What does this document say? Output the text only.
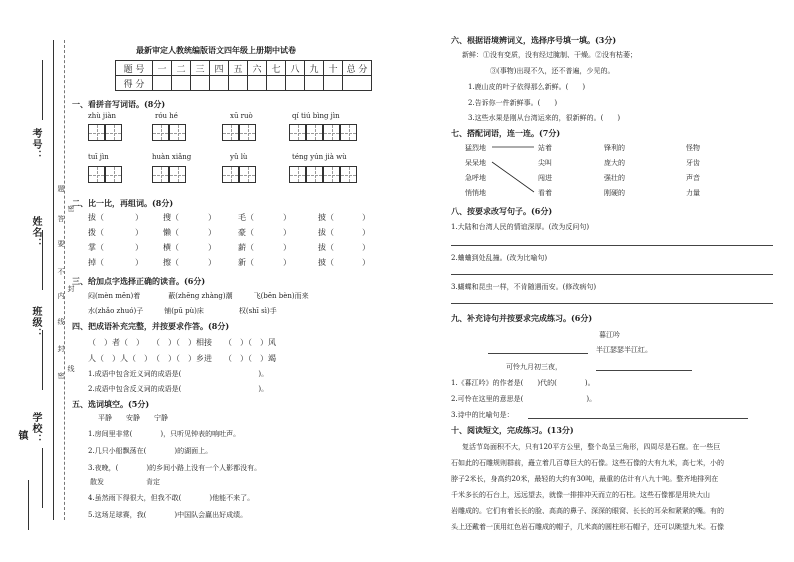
考号：
姓名：
班级：
学校：
镇
题
答
要
不
内
线
封
密
密
封
线
最新审定人教统编版语文四年级上册期中试卷
题 号	一	二	三	四	五	六	七	八	九	十	总 分
得 分											
一、看拼音写词语。(8分)
zhù jiàn	róu hé	xū ruò	qí tiú bìng jìn
tuī jìn	huàn xiǎng	yǔ lù	téng yún jià wù
二、比一比，再组词。(8分)
拔（	）	搜（	）	毛（	）	披（	）
拨（	）	懒（	）	豪（	）	拔（	）
掌（	）	横（	）	薪（	）	拔（	）
掉（	）	擦（	）	新（	）	披（	）
三、给加点字选择正确的读音。(6分)
闷(mèn mēn)着　　　　蔽(zhēng zhàng)潮　　　飞(bēn bèn)而来
水(zhǎo zhuó)子　　　铺(pū pù)床　　　　　权(shī sì)手
四、把成语补充完整，并按要求作答。(8分)
（　）者（　）　　（　）（　）相接　　（　）（　）风
人（　）人（　）　（　）（　）乡进　　（　）（　）竭
1.成语中包含近义词的成语是(　　　　　　　　　　　)。
2.成语中包含反义词的成语是(　　　　　　　　　　　)。
五、选词填空。(5分)
平静　　安静　　宁静
1.房间里非常(　　　　)，只听见钟表的响吐声。
2.几只小船飘荡在(　　　　)的湖面上。
3.夜晚，(　　　　)的乡间小路上没有一个人影都没有。
散发　　　　　　肯定
4.虽然雨下得很大，但我不敢(　　　　)他能不来了。
5.这场足球赛，我(　　　　)中国队会赢出好成绩。
六、根据语境辨词义，选择序号填一填。(3分)
新鲜：①没有变质，没有经过腌制、干燥。②没有枯萎；
③(事物)出现不久，还不普遍，少见的。
1.鹿山皮的叶子依得那么新鲜。(　　)
2.告诉你一件新鲜事。(　　)
3.这些水果是刚从台湾运来的，很新鲜的。(　　)
七、搭配词语，连一连。(7分)
猛烈地
呆呆地
急呼地
悄悄地
站着
尖叫
闯进
看着
锋利的
庞大的
强壮的
刚硬的
怪物
牙齿
声音
力量
八、按要求改写句子。(6分)
1.大陆和台湾人民的情谊深厚。(改为反问句)
2.蛐蛐到处乱撞。(改为比喻句)
3.蝴蝶和昆虫一样，不肯随遇而安。(修改病句)
九、补充诗句并按要求完成练习。(6分)
暮江吟
半江瑟瑟半江红。
可怜九月初三夜，
1.《暮江吟》的作者是(　　)代的(　　　　)。
2.可怜在这里的意思是(　　　　　　　　　)。
3.诗中的比喻句是：
十、阅读短文，完成练习。(13分)
复活节岛面积不大，只有120平方公里，整个岛呈三角形，四周尽是石窟。在一些巨
石如此的石雕规则群前，矗立着几百尊巨大的石像。这些石像的大有九米，高七米，小的
脖子2米长，身高约20米，最轻的大约有30吨，最重的估计有八九十吨。整齐地排列在
千米多长的石台上，远远望去，就像一排排冲天而立的石柱。这些石像都是用块大山
岩雕成的。它们有着长长的脸、高高的鼻子、深深的眼窝、长长的耳朵和紧紧的嘴。有的
头上还戴着一顶用红色岩石雕成的帽子，几米高的圆柱形石帽子，还可以眺望九米。石像
